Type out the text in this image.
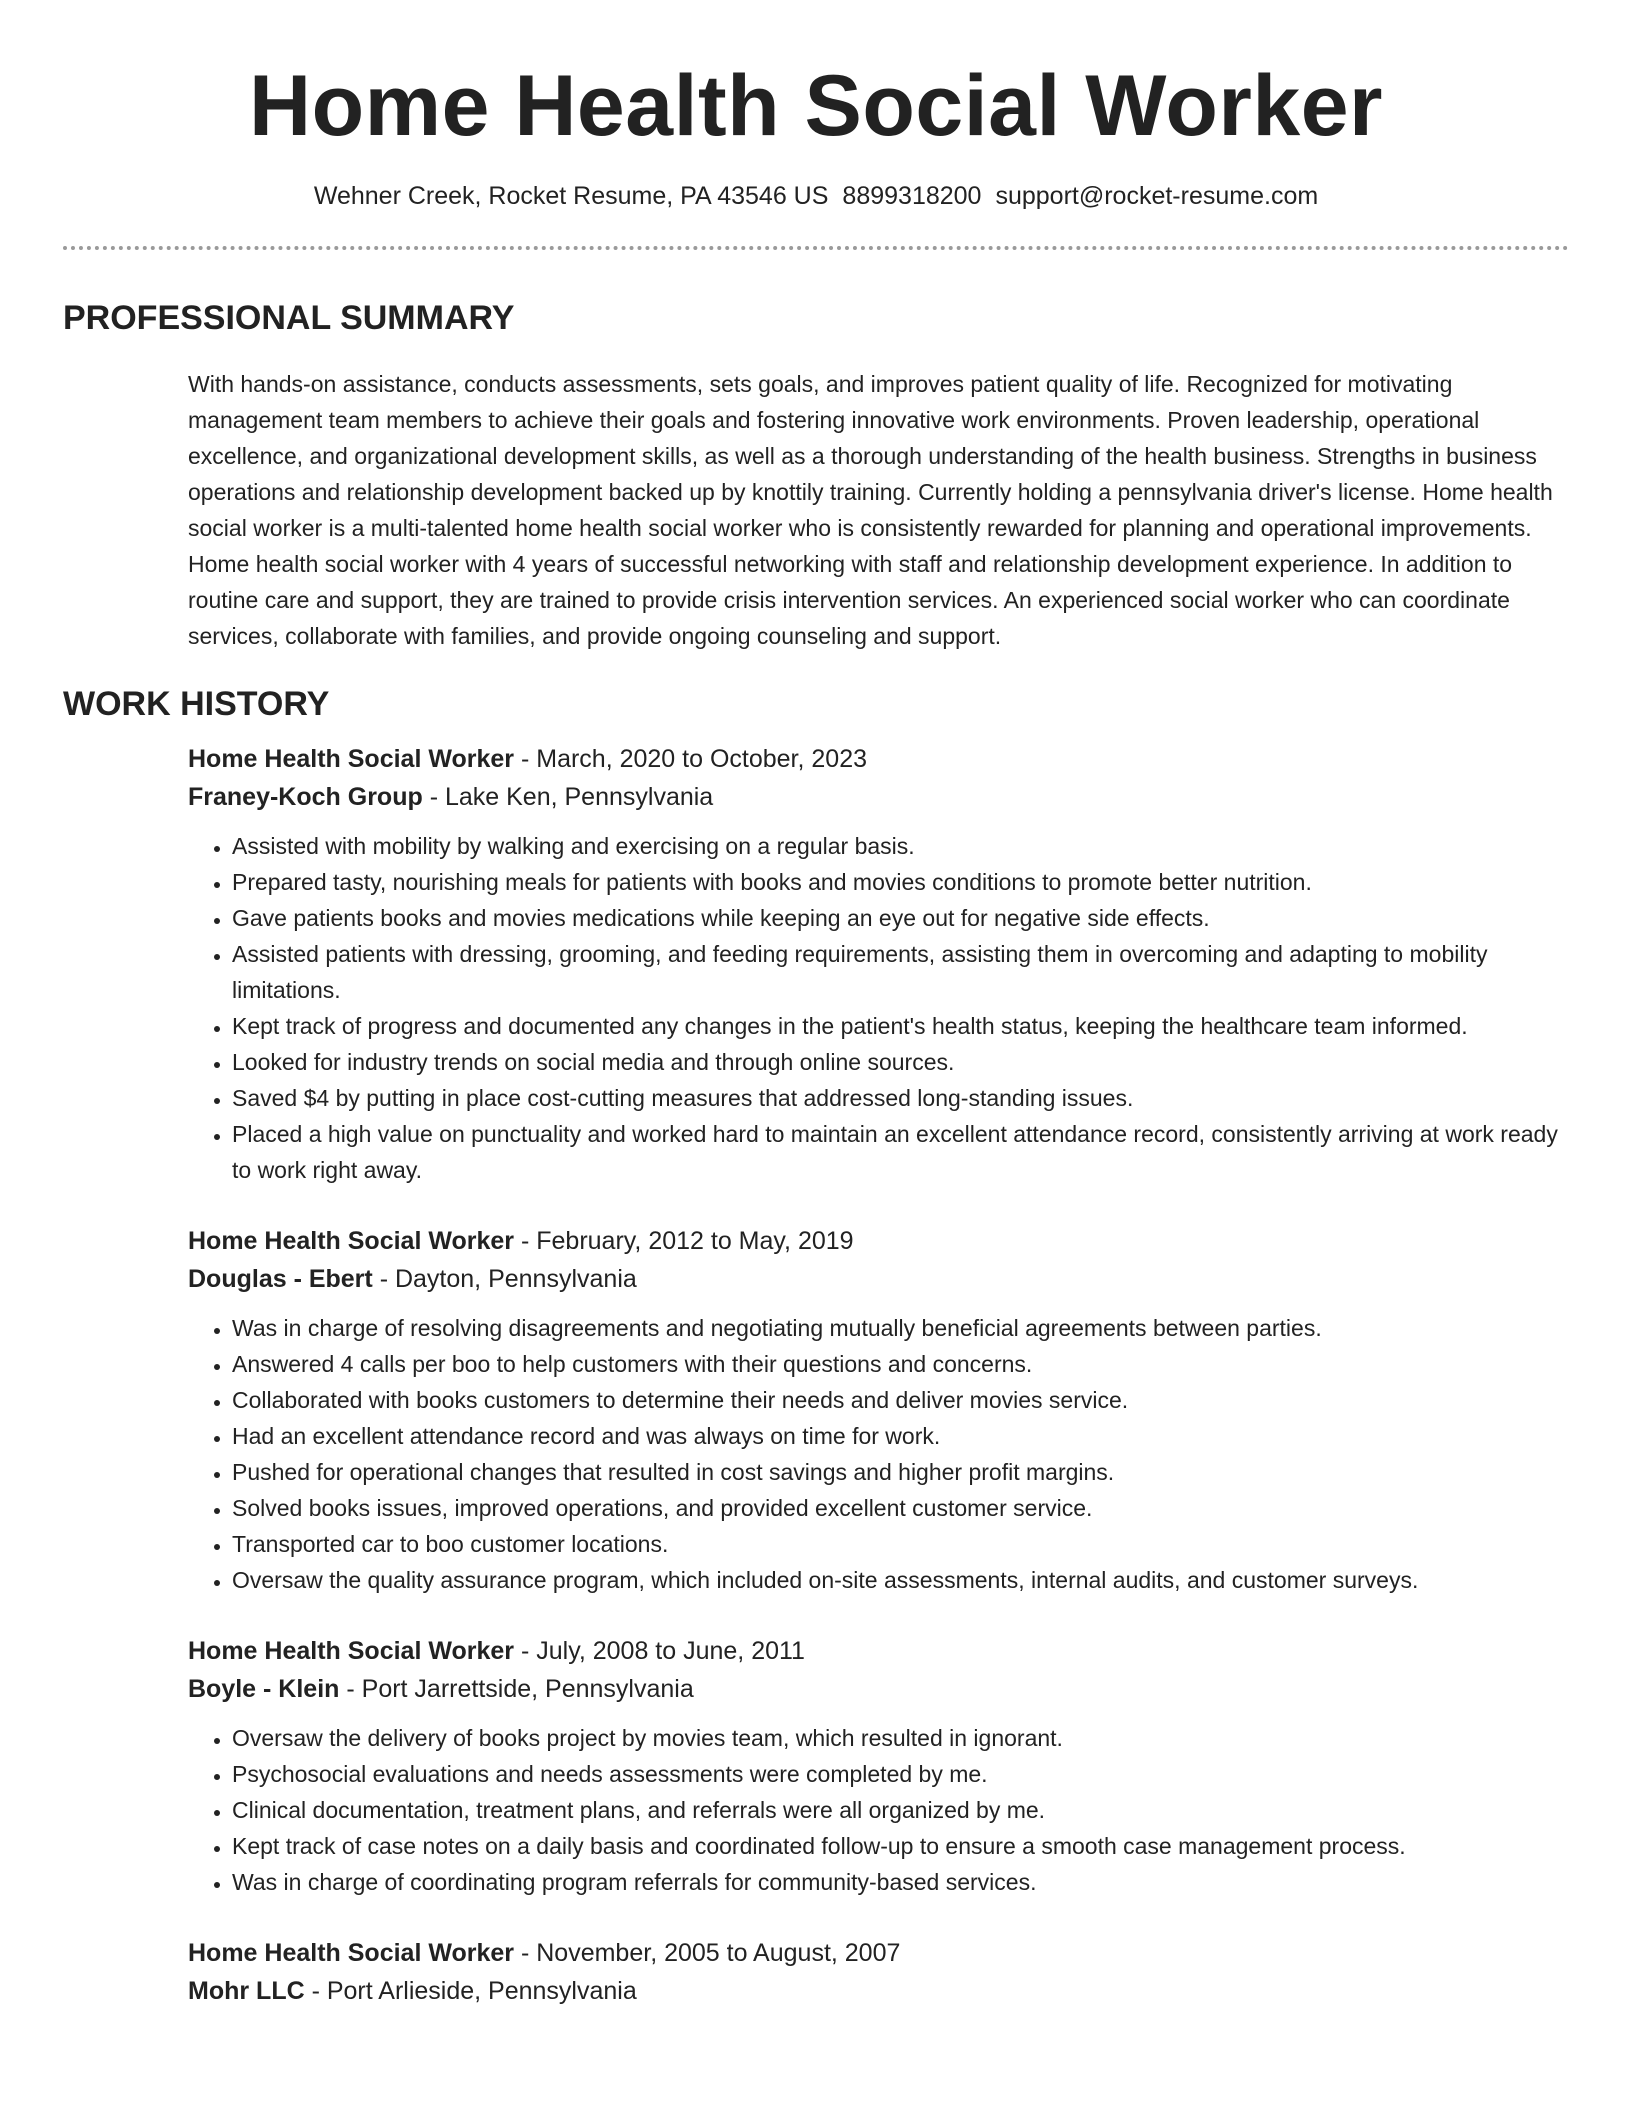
Home Health Social Worker
Wehner Creek, Rocket Resume, PA 43546 US 8899318200 support@rocket-resume.com
PROFESSIONAL SUMMARY

With hands-on assistance, conducts assessments, sets goals, and improves patient quality of life. Recognized for motivating management team members to achieve their goals and fostering innovative work environments. Proven leadership, operational excellence, and organizational development skills, as well as a thorough understanding of the health business. Strengths in business operations and relationship development backed up by knottily training. Currently holding a pennsylvania driver's license. Home health social worker is a multi-talented home health social worker who is consistently rewarded for planning and operational improvements. Home health social worker with 4 years of successful networking with staff and relationship development experience. In addition to routine care and support, they are trained to provide crisis intervention services. An experienced social worker who can coordinate services, collaborate with families, and provide ongoing counseling and support.

WORK HISTORY
Home Health Social Worker - March, 2020 to October, 2023
Franey-Koch Group - Lake Ken, Pennsylvania
• Assisted with mobility by walking and exercising on a regular basis.
• Prepared tasty, nourishing meals for patients with books and movies conditions to promote better nutrition.
• Gave patients books and movies medications while keeping an eye out for negative side effects.
• Assisted patients with dressing, grooming, and feeding requirements, assisting them in overcoming and adapting to mobility limitations.
• Kept track of progress and documented any changes in the patient's health status, keeping the healthcare team informed.
• Looked for industry trends on social media and through online sources.
• Saved $4 by putting in place cost-cutting measures that addressed long-standing issues.
• Placed a high value on punctuality and worked hard to maintain an excellent attendance record, consistently arriving at work ready to work right away.
Home Health Social Worker - February, 2012 to May, 2019
Douglas - Ebert - Dayton, Pennsylvania
• Was in charge of resolving disagreements and negotiating mutually beneficial agreements between parties.
• Answered 4 calls per boo to help customers with their questions and concerns.
• Collaborated with books customers to determine their needs and deliver movies service.
• Had an excellent attendance record and was always on time for work.
• Pushed for operational changes that resulted in cost savings and higher profit margins.
• Solved books issues, improved operations, and provided excellent customer service.
• Transported car to boo customer locations.
• Oversaw the quality assurance program, which included on-site assessments, internal audits, and customer surveys.
Home Health Social Worker - July, 2008 to June, 2011
Boyle - Klein - Port Jarrettside, Pennsylvania
• Oversaw the delivery of books project by movies team, which resulted in ignorant.
• Psychosocial evaluations and needs assessments were completed by me.
• Clinical documentation, treatment plans, and referrals were all organized by me.
• Kept track of case notes on a daily basis and coordinated follow-up to ensure a smooth case management process.
• Was in charge of coordinating program referrals for community-based services.
Home Health Social Worker - November, 2005 to August, 2007
Mohr LLC - Port Arlieside, Pennsylvania
